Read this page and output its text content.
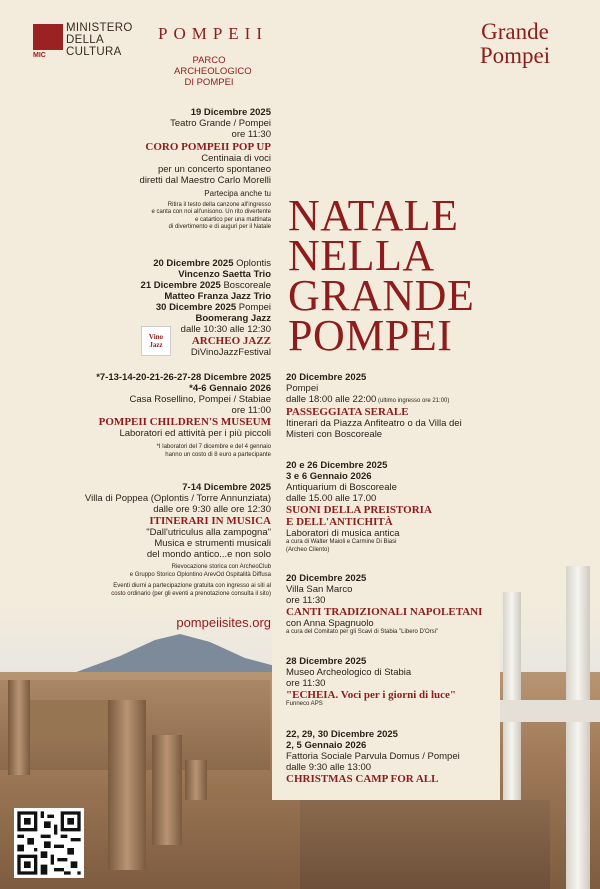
MIC
MINISTERO
DELLA
CULTURA
POMPEII
PARCO
ARCHEOLOGICO
DI POMPEI
Grande
Pompei
NATALE
NELLA
GRANDE
POMPEI
19 Dicembre 2025
Teatro Grande / Pompei
ore 11:30
CORO POMPEII POP UP
Centinaia di voci
per un concerto spontaneo
diretti dal Maestro Carlo Morelli
Partecipa anche tu
Ritira il testo della canzone all'ingresso
e canta con noi all'unisono. Un rito divertente
e catartico per una mattinata
di divertimento e di auguri per il Natale
20 Dicembre 2025 Oplontis
Vincenzo Saetta Trio
21 Dicembre 2025 Boscoreale
Matteo Franza Jazz Trio
30 Dicembre 2025 Pompei
Boomerang Jazz
dalle 10:30 alle 12:30
ARCHEO JAZZ
DiVinoJazzFestival
Vino Jazz
*7-13-14-20-21-26-27-28 Dicembre 2025
*4-6 Gennaio 2026
Casa Rosellino, Pompei / Stabiae
ore 11:00
POMPEII CHILDREN'S MUSEUM
Laboratori ed attività per i più piccoli
*I laboratori del 7 dicembre e del 4 gennaio
hanno un costo di 8 euro a partecipante
7-14 Dicembre 2025
Villa di Poppea (Oplontis / Torre Annunziata)
dalle ore 9:30 alle ore 12:30
ITINERARI IN MUSICA
"Dall'utriculus alla zampogna"
Musica e strumenti musicali
del mondo antico...e non solo
Rievocazione storica con ArcheoClub
e Gruppo Storico Oplontino ArevOd Ospitalità Diffusa
Eventi diurni a partecipazione gratuita con ingresso ai siti al
costo ordinario (per gli eventi a prenotazione consulta il sito)
pompeiisites.org
20 Dicembre 2025
Pompei
dalle 18:00 alle 22:00 (ultimo ingresso ore 21:00)
PASSEGGIATA SERALE
Itinerari da Piazza Anfiteatro o da Villa dei
Misteri con Boscoreale
20 e 26 Dicembre 2025
3 e 6 Gennaio 2026
Antiquarium di Boscoreale
dalle 15.00 alle 17.00
SUONI DELLA PREISTORIA
E DELL'ANTICHITÀ
Laboratori di musica antica
a cura di Walter Maioli e Carmine Di Biasi
(Archeo Cilento)
20 Dicembre 2025
Villa San Marco
ore 11:30
CANTI TRADIZIONALI NAPOLETANI
con Anna Spagnuolo
a cura del Comitato per gli Scavi di Stabia "Libero D'Orsi"
28 Dicembre 2025
Museo Archeologico di Stabia
ore 11:30
"ECHEIA. Voci per i giorni di luce"
Funneco APS
22, 29, 30 Dicembre 2025
2, 5 Gennaio 2026
Fattoria Sociale Parvula Domus / Pompei
dalle 9:30 alle 13:00
CHRISTMAS CAMP FOR ALL
